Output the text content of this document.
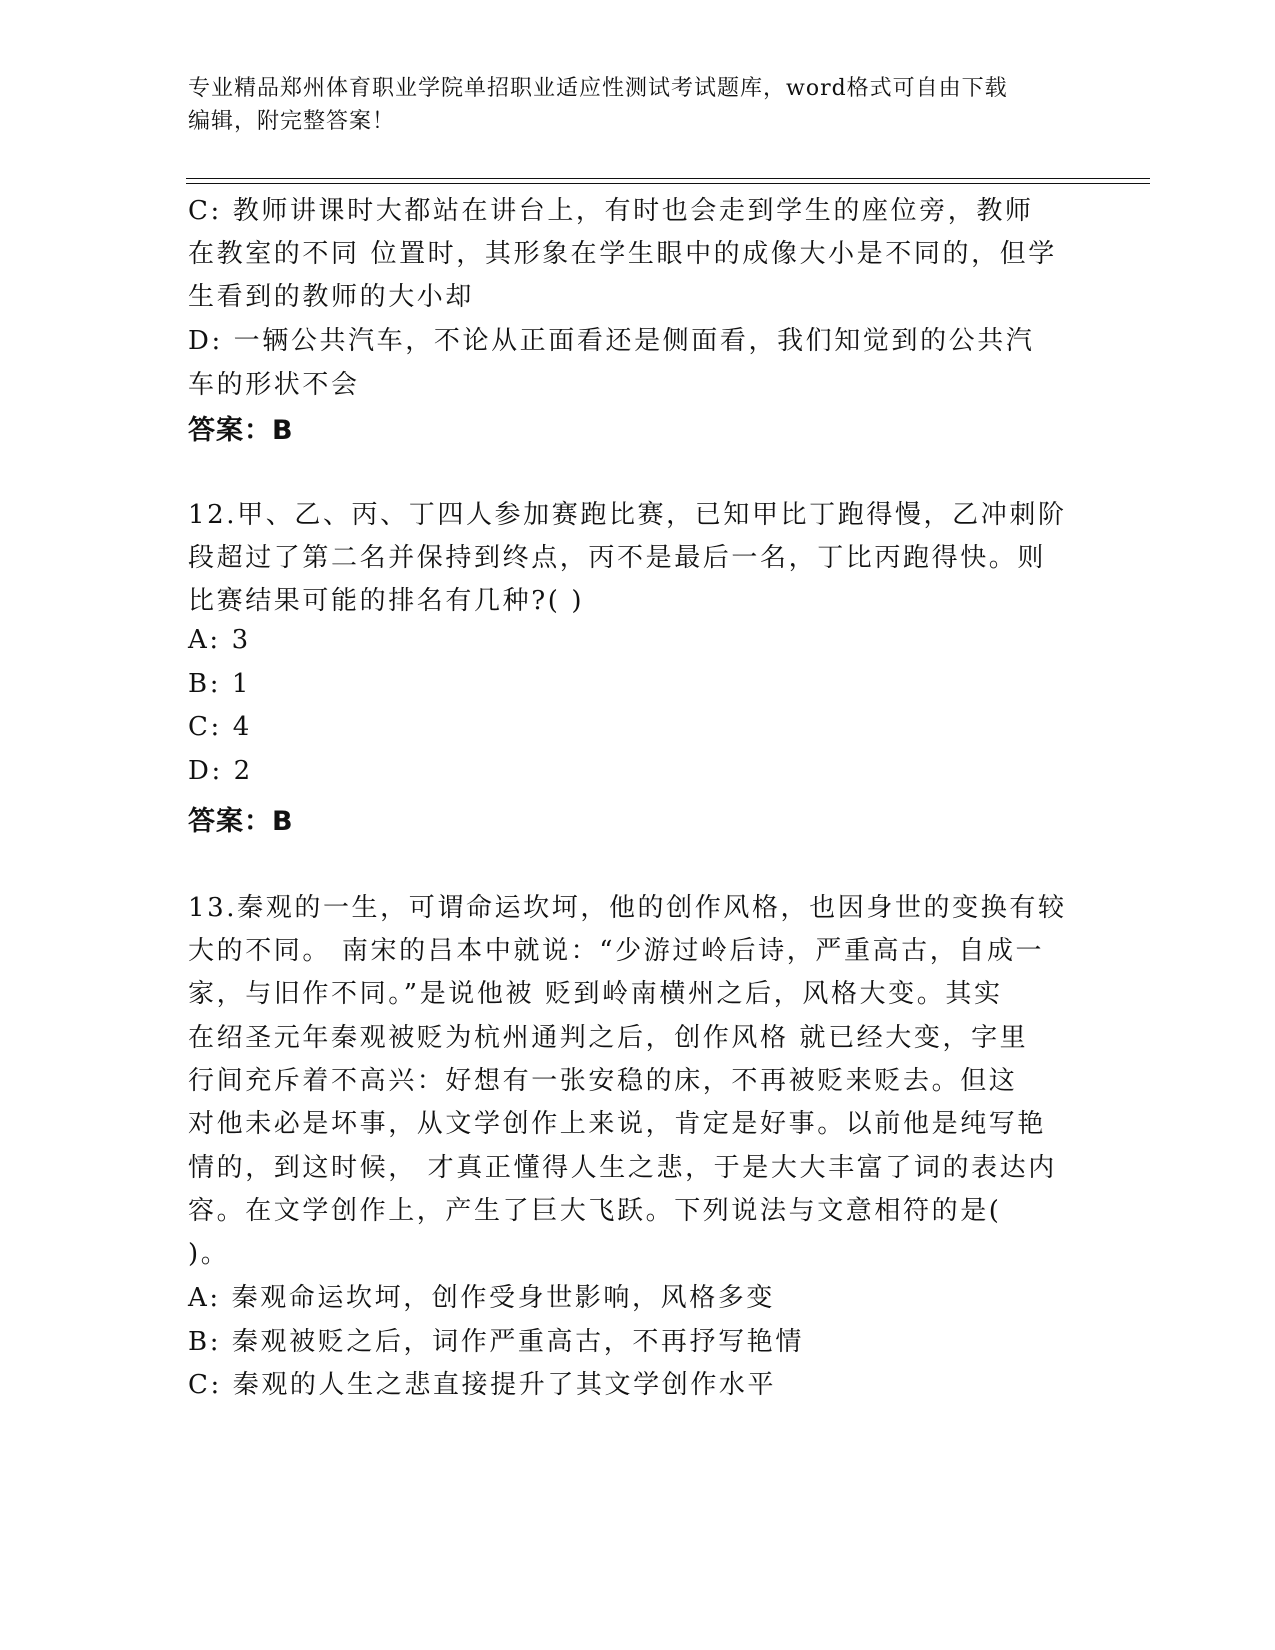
专业精品郑州体育职业学院单招职业适应性测试考试题库，word格式可自由下载
编辑，附完整答案！
C: 教师讲课时大都站在讲台上，有时也会走到学生的座位旁，教师
在教室的不同 位置时，其形象在学生眼中的成像大小是不同的，但学
生看到的教师的大小却
D: 一辆公共汽车，不论从正面看还是侧面看，我们知觉到的公共汽
车的形状不会
答案：B
12.甲、乙、丙、丁四人参加赛跑比赛，已知甲比丁跑得慢，乙冲刺阶
段超过了第二名并保持到终点，丙不是最后一名，丁比丙跑得快。则
比赛结果可能的排名有几种?( )
A: 3
B: 1
C: 4
D: 2
答案：B
13.秦观的一生，可谓命运坎坷，他的创作风格，也因身世的变换有较
大的不同。 南宋的吕本中就说：“少游过岭后诗，严重高古，自成一
家，与旧作不同。”是说他被 贬到岭南横州之后，风格大变。其实
在绍圣元年秦观被贬为杭州通判之后，创作风格 就已经大变，字里
行间充斥着不高兴：好想有一张安稳的床，不再被贬来贬去。但这
对他未必是坏事，从文学创作上来说，肯定是好事。以前他是纯写艳
情的，到这时候， 才真正懂得人生之悲，于是大大丰富了词的表达内
容。在文学创作上，产生了巨大飞跃。下列说法与文意相符的是(
)。
A: 秦观命运坎坷，创作受身世影响，风格多变
B: 秦观被贬之后，词作严重高古，不再抒写艳情
C: 秦观的人生之悲直接提升了其文学创作水平
